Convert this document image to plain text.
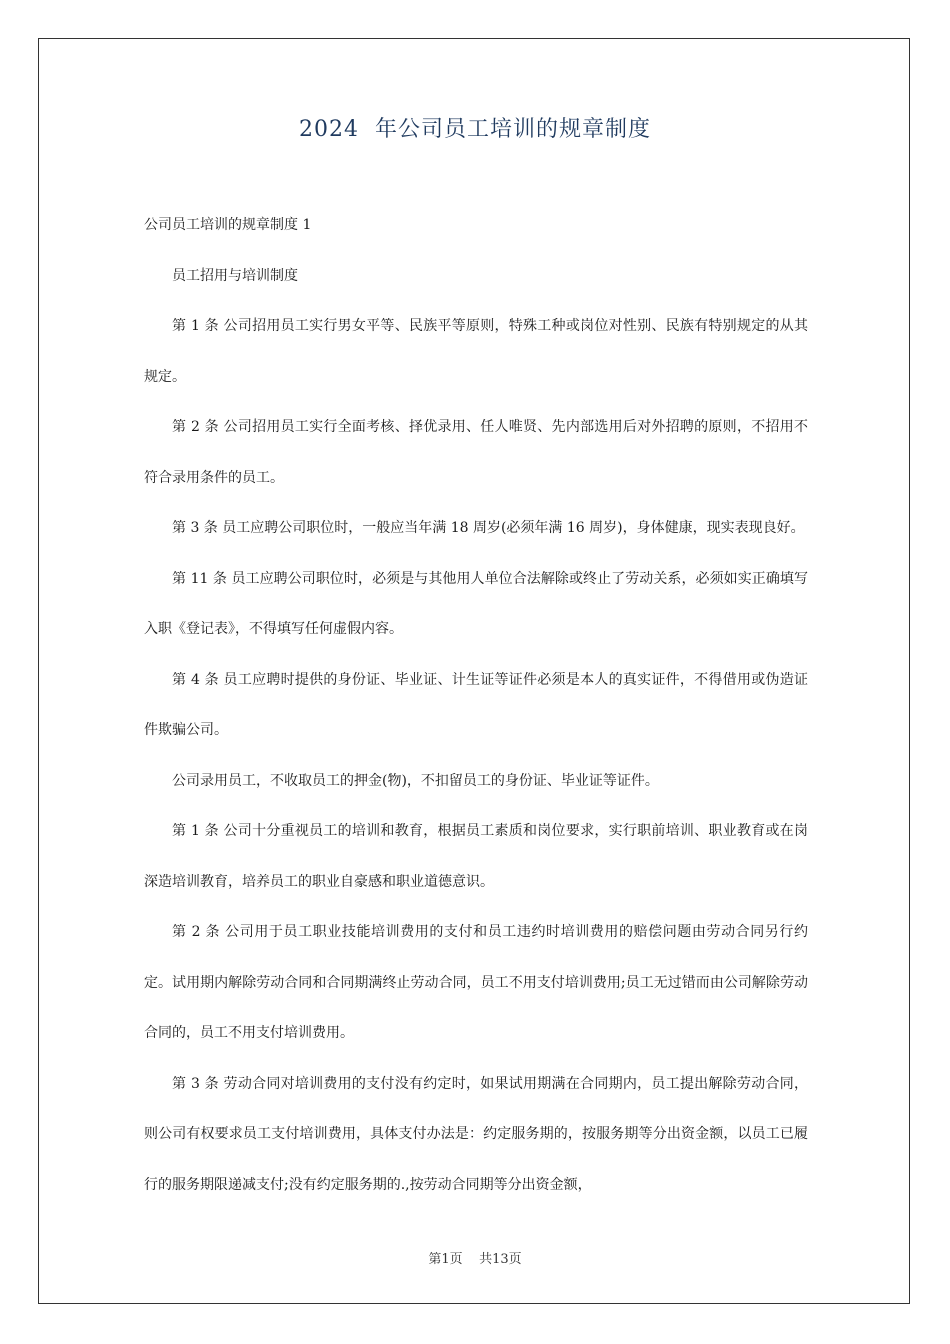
2024  年公司员工培训的规章制度

公司员工培训的规章制度 1

员工招用与培训制度

第 1 条 公司招用员工实行男女平等、民族平等原则，特殊工种或岗位对性别、民族有特别规定的从其规定。

第 2 条 公司招用员工实行全面考核、择优录用、任人唯贤、先内部选用后对外招聘的原则，不招用不符合录用条件的员工。

第 3 条 员工应聘公司职位时，一般应当年满 18 周岁(必须年满 16 周岁)，身体健康，现实表现良好。

第 11 条 员工应聘公司职位时，必须是与其他用人单位合法解除或终止了劳动关系，必须如实正确填写入职《登记表》，不得填写任何虚假内容。

第 4 条 员工应聘时提供的身份证、毕业证、计生证等证件必须是本人的真实证件，不得借用或伪造证件欺骗公司。

公司录用员工，不收取员工的押金(物)，不扣留员工的身份证、毕业证等证件。

第 1 条 公司十分重视员工的培训和教育，根据员工素质和岗位要求，实行职前培训、职业教育或在岗深造培训教育，培养员工的职业自豪感和职业道德意识。

第 2 条 公司用于员工职业技能培训费用的支付和员工违约时培训费用的赔偿问题由劳动合同另行约定。试用期内解除劳动合同和合同期满终止劳动合同，员工不用支付培训费用;员工无过错而由公司解除劳动合同的，员工不用支付培训费用。

第 3 条 劳动合同对培训费用的支付没有约定时，如果试用期满在合同期内，员工提出解除劳动合同，则公司有权要求员工支付培训费用，具体支付办法是：约定服务期的，按服务期等分出资金额，以员工已履行的服务期限递减支付;没有约定服务期的.,按劳动合同期等分出资金额，

第1页    共13页
